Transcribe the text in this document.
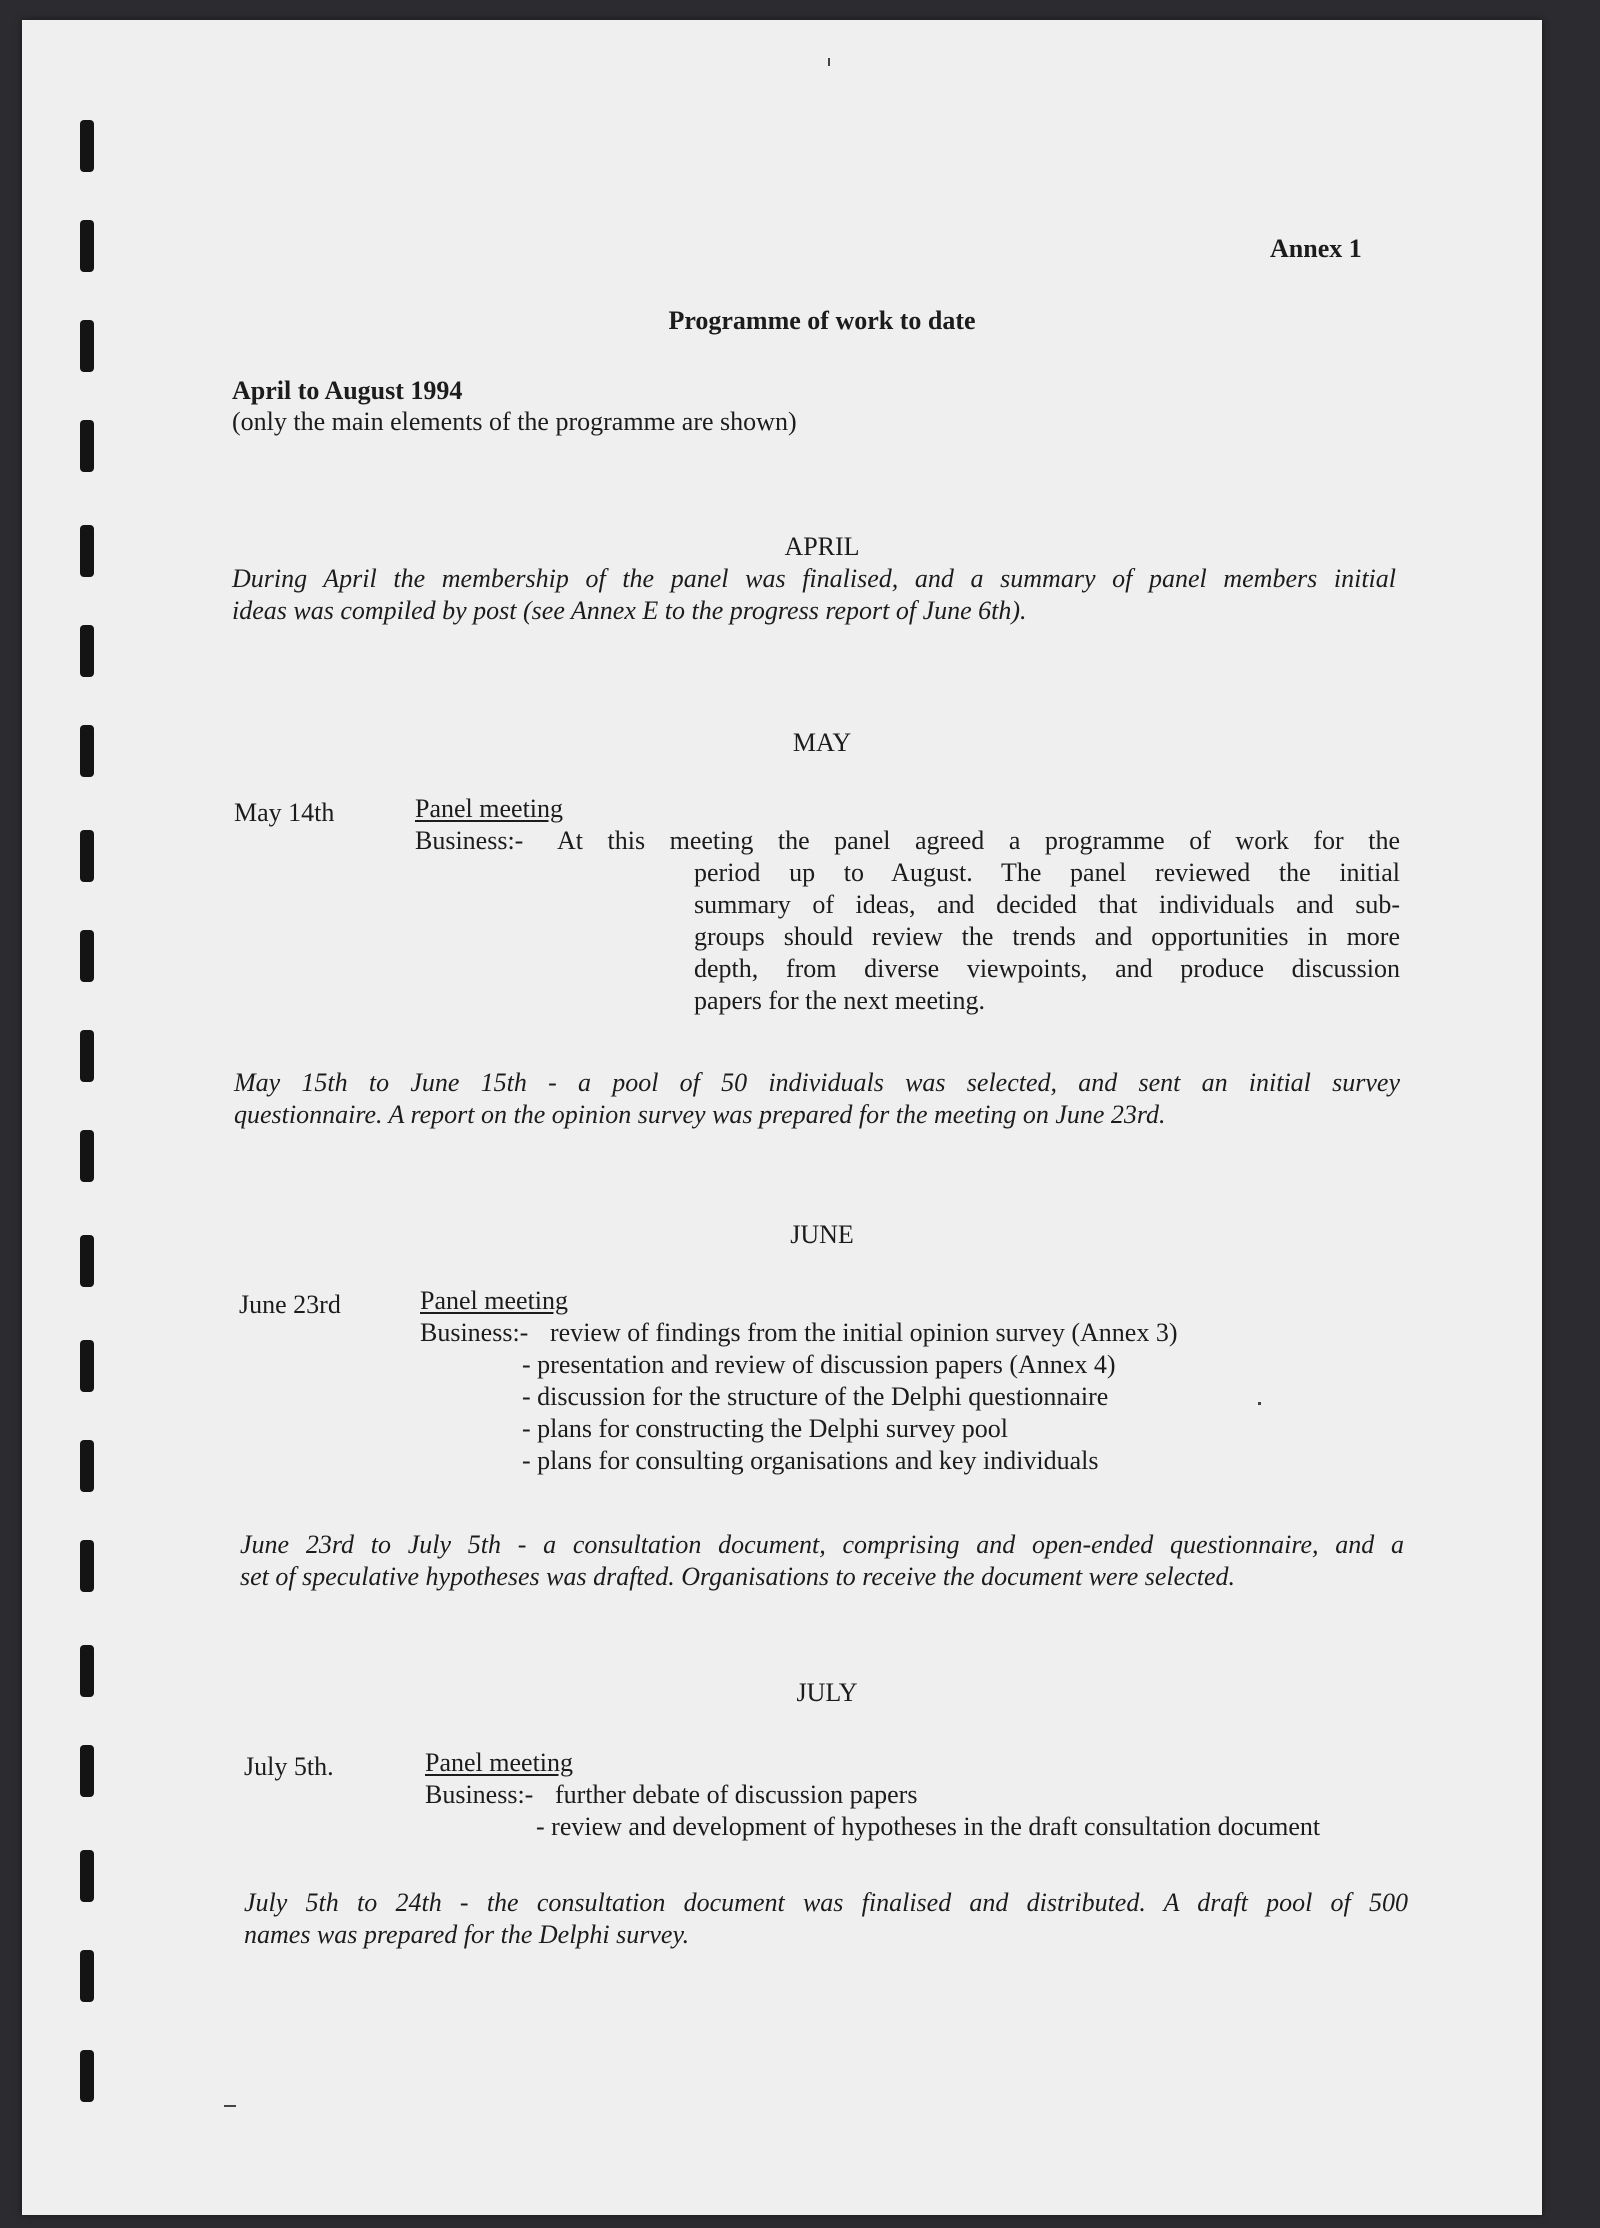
Annex 1
Programme of work to date
April to August 1994
(only the main elements of the programme are shown)
APRIL
During April the membership of the panel was finalised, and a summary of panel members initial
ideas was compiled by post (see Annex E to the progress report of June 6th).
MAY
May 14th	Panel meeting
Business:- At this meeting the panel agreed a programme of work for the
period up to August. The panel reviewed the initial
summary of ideas, and decided that individuals and sub-
groups should review the trends and opportunities in more
depth, from diverse viewpoints, and produce discussion
papers for the next meeting.
May 15th to June 15th - a pool of 50 individuals was selected, and sent an initial survey
questionnaire. A report on the opinion survey was prepared for the meeting on June 23rd.
JUNE
June 23rd	Panel meeting
Business:- review of findings from the initial opinion survey (Annex 3)
- presentation and review of discussion papers (Annex 4)
- discussion for the structure of the Delphi questionnaire
- plans for constructing the Delphi survey pool
- plans for consulting organisations and key individuals
June 23rd to July 5th - a consultation document, comprising and open-ended questionnaire, and a
set of speculative hypotheses was drafted. Organisations to receive the document were selected.
JULY
July 5th.	Panel meeting
Business:- further debate of discussion papers
- review and development of hypotheses in the draft consultation document
July 5th to 24th - the consultation document was finalised and distributed. A draft pool of 500
names was prepared for the Delphi survey.
